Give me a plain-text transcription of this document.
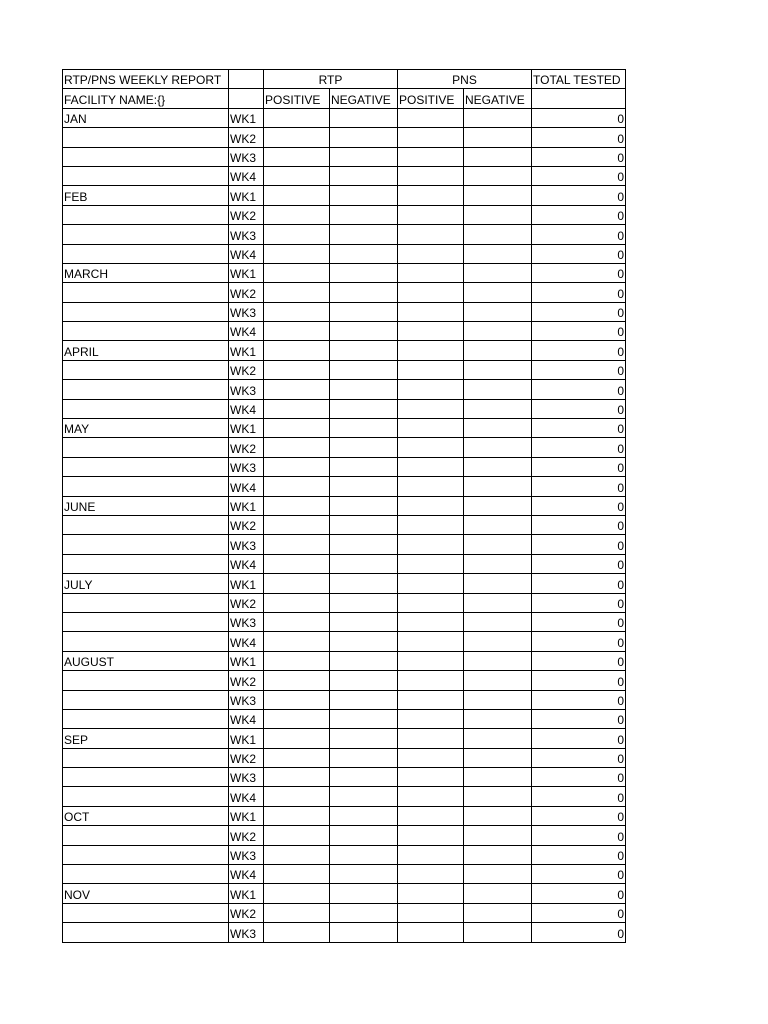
RTP/PNS WEEKLY REPORT		RTP		PNS		TOTAL TESTED
FACILITY NAME:{}		POSITIVE	NEGATIVE	POSITIVE	NEGATIVE	
JAN	WK1					0
	WK2					0
	WK3					0
	WK4					0
FEB	WK1					0
	WK2					0
	WK3					0
	WK4					0
MARCH	WK1					0
	WK2					0
	WK3					0
	WK4					0
APRIL	WK1					0
	WK2					0
	WK3					0
	WK4					0
MAY	WK1					0
	WK2					0
	WK3					0
	WK4					0
JUNE	WK1					0
	WK2					0
	WK3					0
	WK4					0
JULY	WK1					0
	WK2					0
	WK3					0
	WK4					0
AUGUST	WK1					0
	WK2					0
	WK3					0
	WK4					0
SEP	WK1					0
	WK2					0
	WK3					0
	WK4					0
OCT	WK1					0
	WK2					0
	WK3					0
	WK4					0
NOV	WK1					0
	WK2					0
	WK3					0
